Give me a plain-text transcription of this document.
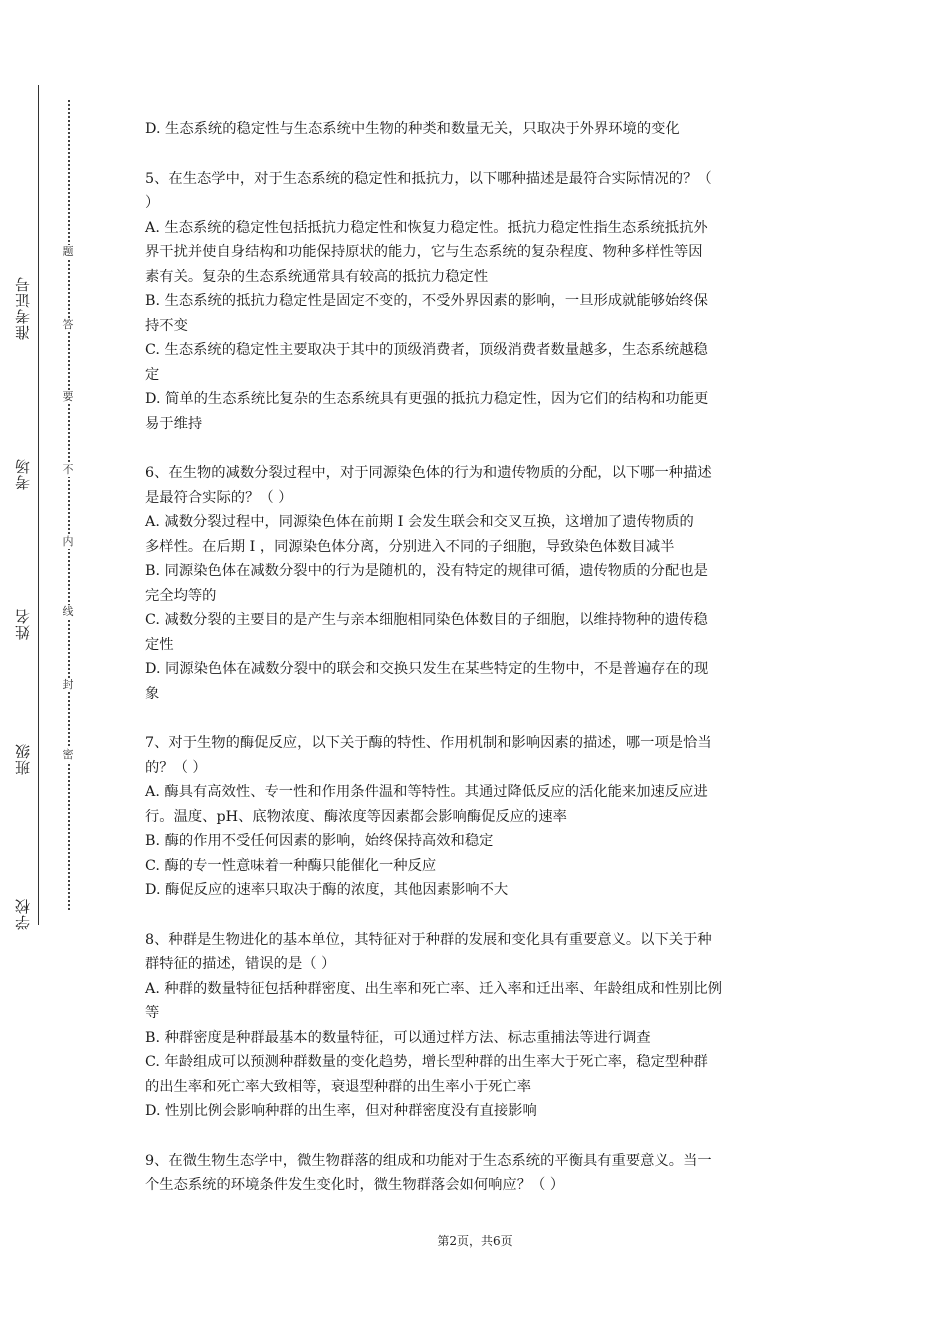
准考证号
考场
姓名
班级
学校
题
答
要
不
内
线
封
密

D. 生态系统的稳定性与生态系统中生物的种类和数量无关，只取决于外界环境的变化

5、在生态学中，对于生态系统的稳定性和抵抗力，以下哪种描述是最符合实际情况的？（

）

A. 生态系统的稳定性包括抵抗力稳定性和恢复力稳定性。抵抗力稳定性指生态系统抵抗外

界干扰并使自身结构和功能保持原状的能力，它与生态系统的复杂程度、物种多样性等因

素有关。复杂的生态系统通常具有较高的抵抗力稳定性

B. 生态系统的抵抗力稳定性是固定不变的，不受外界因素的影响，一旦形成就能够始终保

持不变

C. 生态系统的稳定性主要取决于其中的顶级消费者，顶级消费者数量越多，生态系统越稳

定

D. 简单的生态系统比复杂的生态系统具有更强的抵抗力稳定性，因为它们的结构和功能更

易于维持

6、在生物的减数分裂过程中，对于同源染色体的行为和遗传物质的分配，以下哪一种描述

是最符合实际的？（ ）

A. 减数分裂过程中，同源染色体在前期 Ⅰ 会发生联会和交叉互换，这增加了遗传物质的

多样性。在后期 Ⅰ ，同源染色体分离，分别进入不同的子细胞，导致染色体数目减半

B. 同源染色体在减数分裂中的行为是随机的，没有特定的规律可循，遗传物质的分配也是

完全均等的

C. 减数分裂的主要目的是产生与亲本细胞相同染色体数目的子细胞，以维持物种的遗传稳

定性

D. 同源染色体在减数分裂中的联会和交换只发生在某些特定的生物中，不是普遍存在的现

象

7、对于生物的酶促反应，以下关于酶的特性、作用机制和影响因素的描述，哪一项是恰当

的？（ ）

A. 酶具有高效性、专一性和作用条件温和等特性。其通过降低反应的活化能来加速反应进

行。温度、pH、底物浓度、酶浓度等因素都会影响酶促反应的速率

B. 酶的作用不受任何因素的影响，始终保持高效和稳定

C. 酶的专一性意味着一种酶只能催化一种反应

D. 酶促反应的速率只取决于酶的浓度，其他因素影响不大

8、种群是生物进化的基本单位，其特征对于种群的发展和变化具有重要意义。以下关于种

群特征的描述，错误的是（ ）

A. 种群的数量特征包括种群密度、出生率和死亡率、迁入率和迁出率、年龄组成和性别比例

等

B. 种群密度是种群最基本的数量特征，可以通过样方法、标志重捕法等进行调查

C. 年龄组成可以预测种群数量的变化趋势，增长型种群的出生率大于死亡率，稳定型种群

的出生率和死亡率大致相等，衰退型种群的出生率小于死亡率

D. 性别比例会影响种群的出生率，但对种群密度没有直接影响

9、在微生物生态学中，微生物群落的组成和功能对于生态系统的平衡具有重要意义。当一

个生态系统的环境条件发生变化时，微生物群落会如何响应？（ ）

第2页，共6页
